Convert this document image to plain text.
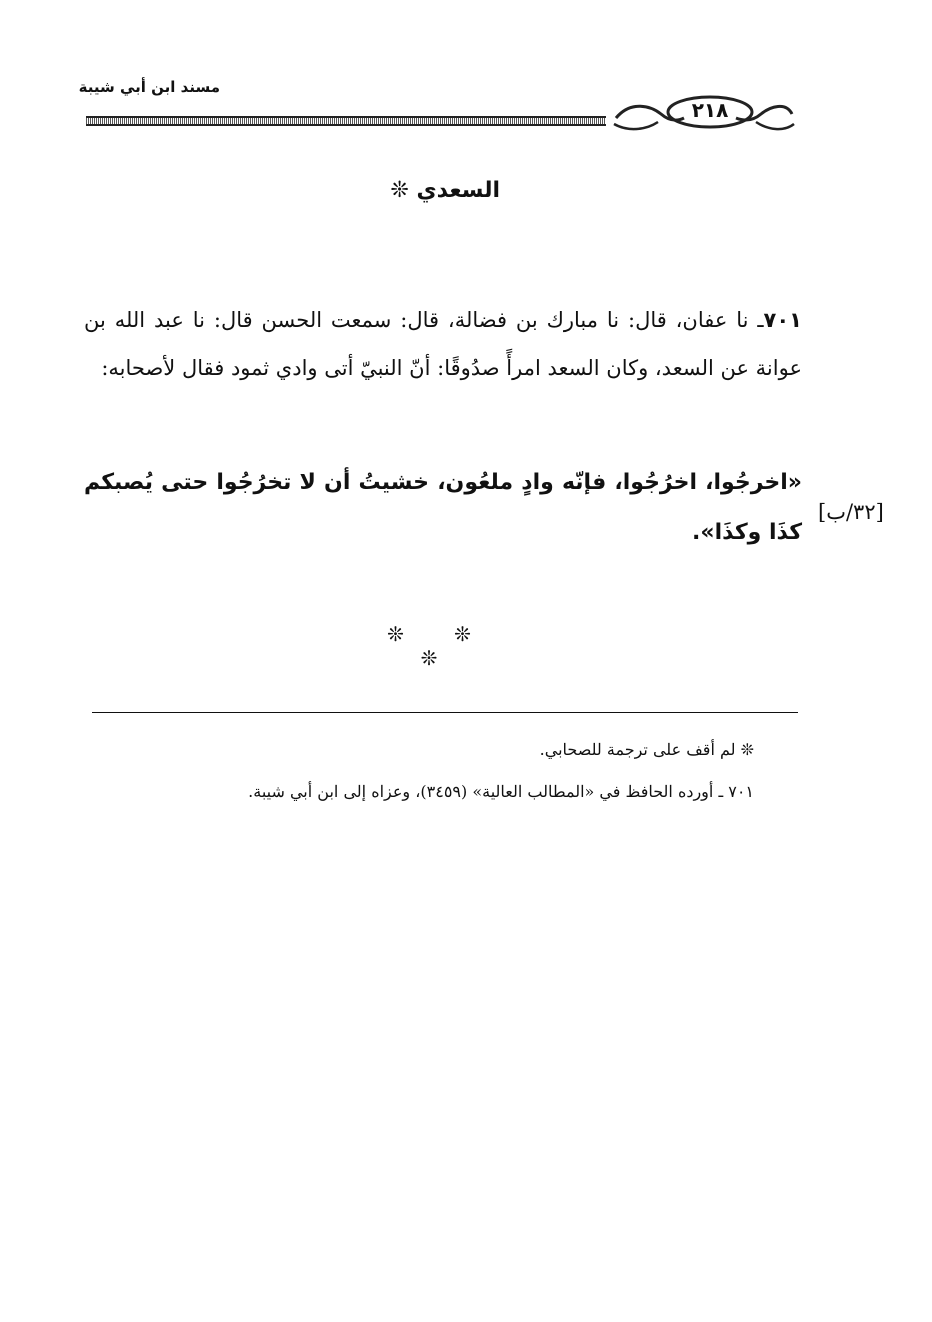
مسند ابن أبي شيبة
٢١٨
السعدي ❊
٧٠١ـ نا عفان، قال: نا مبارك بن فضالة، قال: سمعت الحسن قال: نا عبد الله بن عوانة عن السعد، وكان السعد امرأً صدُوقًا: أنّ النبيّ أتى وادي ثمود فقال لأصحابه:
«اخرجُوا، اخرُجُوا، فإنّه وادٍ ملعُون، خشيتُ أن لا تخرُجُوا حتى يُصبكم كذَا وكذَا».
[٣٢/ب]
❊ ❊ ❊

❊ لم أقف على ترجمة للصحابي.

٧٠١ ـ أورده الحافظ في «المطالب العالية» (٣٤٥٩)، وعزاه إلى ابن أبي شيبة.
